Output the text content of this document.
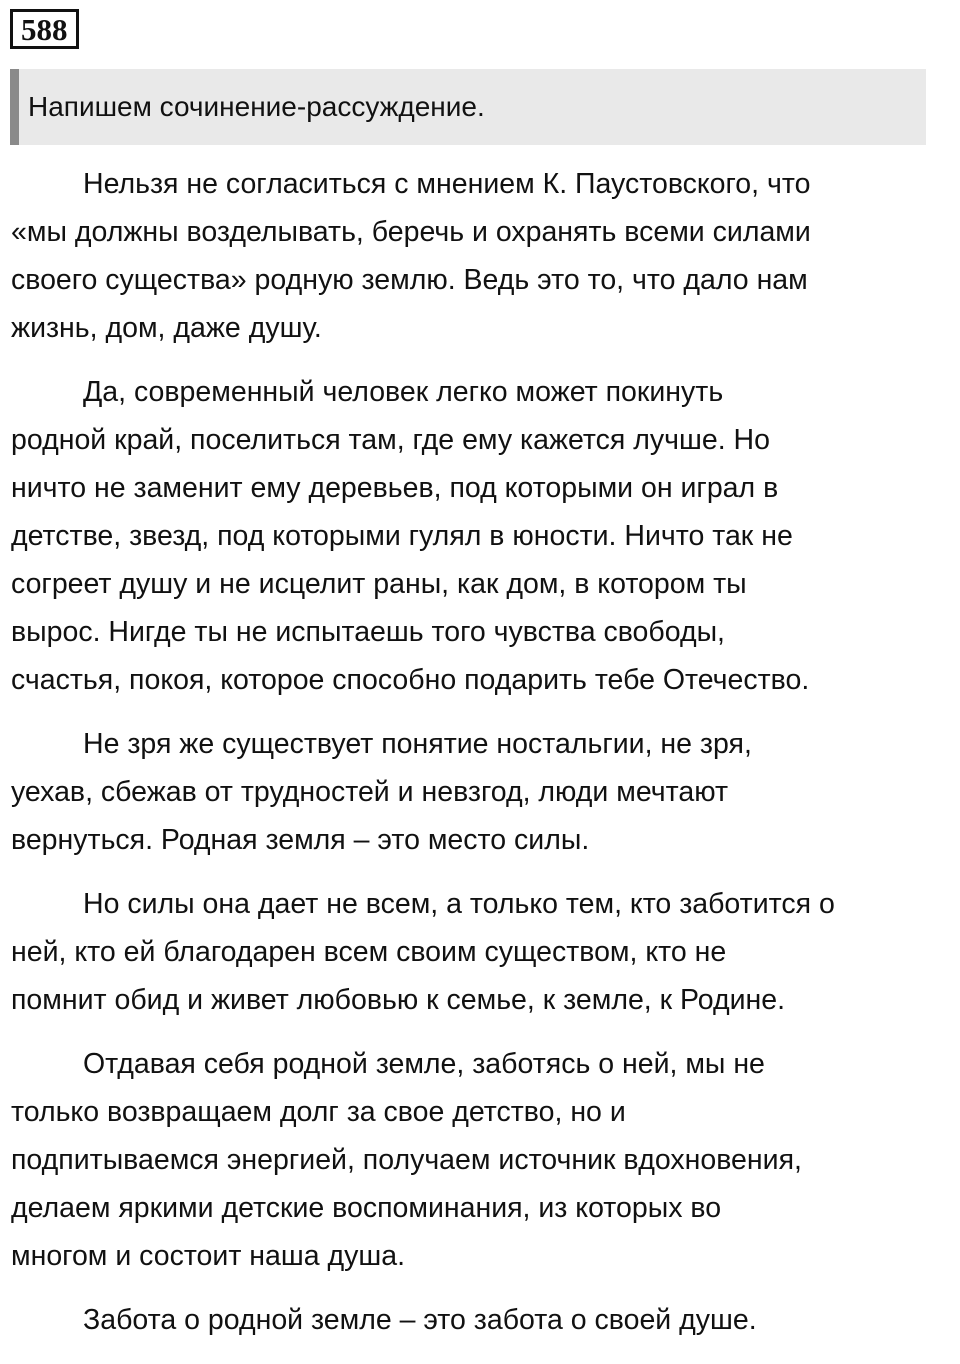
588
Напишем сочинение-рассуждение.

Нельзя не согласиться с мнением К. Паустовского, что
«мы должны возделывать, беречь и охранять всеми силами
своего существа» родную землю. Ведь это то, что дало нам
жизнь, дом, даже душу.

Да, современный человек легко может покинуть
родной край, поселиться там, где ему кажется лучше. Но
ничто не заменит ему деревьев, под которыми он играл в
детстве, звезд, под которыми гулял в юности. Ничто так не
согреет душу и не исцелит раны, как дом, в котором ты
вырос. Нигде ты не испытаешь того чувства свободы,
счастья, покоя, которое способно подарить тебе Отечество.

Не зря же существует понятие ностальгии, не зря,
уехав, сбежав от трудностей и невзгод, люди мечтают
вернуться. Родная земля – это место силы.

Но силы она дает не всем, а только тем, кто заботится о
ней, кто ей благодарен всем своим существом, кто не
помнит обид и живет любовью к семье, к земле, к Родине.

Отдавая себя родной земле, заботясь о ней, мы не
только возвращаем долг за свое детство, но и
подпитываемся энергией, получаем источник вдохновения,
делаем яркими детские воспоминания, из которых во
многом и состоит наша душа.

Забота о родной земле – это забота о своей душе.
